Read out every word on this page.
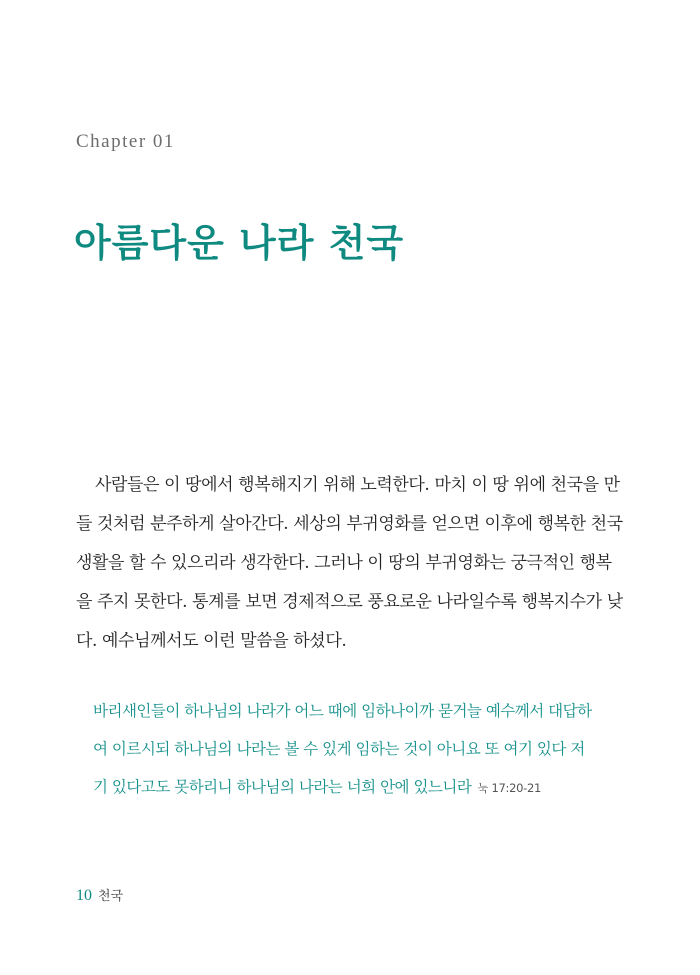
Chapter 01
아름다운 나라 천국
사람들은 이 땅에서 행복해지기 위해 노력한다. 마치 이 땅 위에 천국을 만
들 것처럼 분주하게 살아간다. 세상의 부귀영화를 얻으면 이후에 행복한 천국
생활을 할 수 있으리라 생각한다. 그러나 이 땅의 부귀영화는 궁극적인 행복
을 주지 못한다. 통계를 보면 경제적으로 풍요로운 나라일수록 행복지수가 낮
다. 예수님께서도 이런 말씀을 하셨다.
바리새인들이 하나님의 나라가 어느 때에 임하나이까 묻거늘 예수께서 대답하
여 이르시되 하나님의 나라는 볼 수 있게 임하는 것이 아니요 또 여기 있다 저
기 있다고도 못하리니 하나님의 나라는 너희 안에 있느니라 눅 17:20-21
10 천국
